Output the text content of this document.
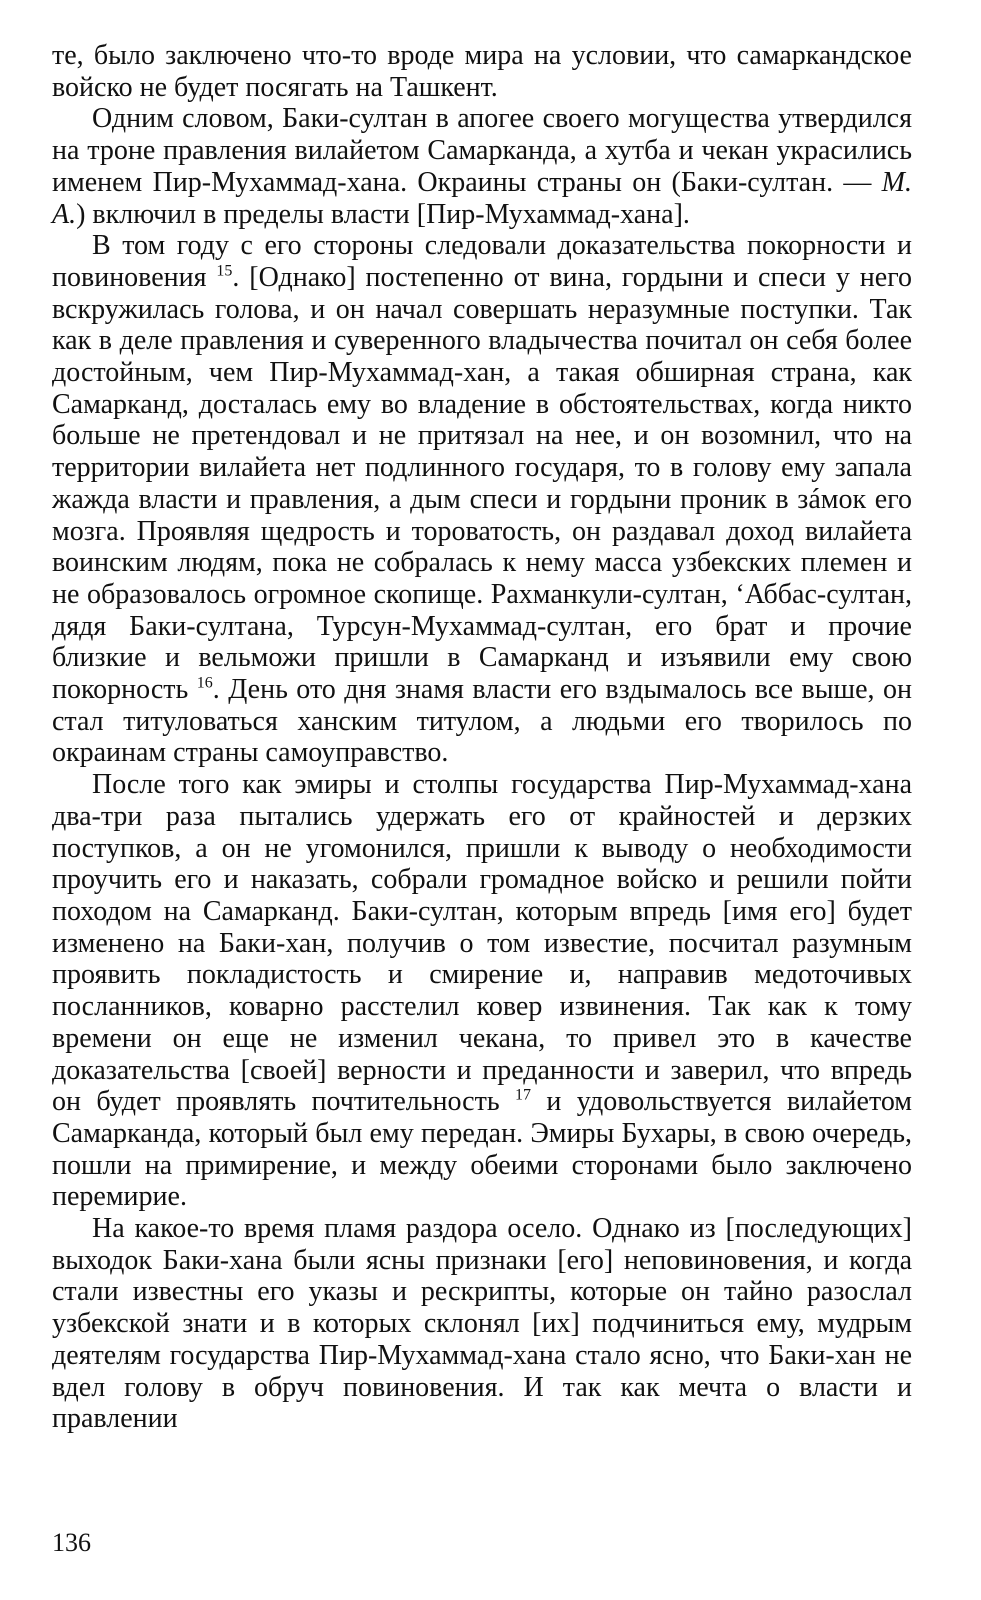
те, было заключено что-то вроде мира на условии, что самаркандское войско не будет посягать на Ташкент.

Одним словом, Баки-султан в апогее своего могущества утвердился на троне правления вилайетом Самарканда, а хутба и чекан украсились именем Пир-Мухаммад-хана. Окраины страны он (Баки-султан. — М. А.) включил в пределы власти [Пир-Мухаммад-хана].

В том году с его стороны следовали доказательства покорности и повиновения $^{15}$. [Однако] постепенно от вина, гордыни и спеси у него вскружилась голова, и он начал совершать неразумные поступки. Так как в деле правления и суверенного владычества почитал он себя более достойным, чем Пир-Мухаммад-хан, а такая обширная страна, как Самарканд, досталась ему во владение в обстоятельствах, когда никто больше не претендовал и не притязал на нее, и он возомнил, что на территории вилайета нет подлинного государя, то в голову ему запала жажда власти и правления, а дым спеси и гордыни проник в зáмок его мозга. Проявляя щедрость и тороватость, он раздавал доход вилайета воинским людям, пока не собралась к нему масса узбекских племен и не образовалось огромное скопище. Рахманкули-султан, ‘Аббас-султан, дядя Баки-султана, Турсун-Мухаммад-султан, его брат и прочие близкие и вельможи пришли в Самарканд и изъявили ему свою покорность $^{16}$. День ото дня знамя власти его вздымалось все выше, он стал титуловаться ханским титулом, а людьми его творилось по окраинам страны самоуправство.

После того как эмиры и столпы государства Пир-Мухаммад-хана два-три раза пытались удержать его от крайностей и дерзких поступков, а он не угомонился, пришли к выводу о необходимости проучить его и наказать, собрали громадное войско и решили пойти походом на Самарканд. Баки-султан, которым впредь [имя его] будет изменено на Баки-хан, получив о том известие, посчитал разумным проявить покладистость и смирение и, направив медоточивых посланников, коварно расстелил ковер извинения. Так как к тому времени он еще не изменил чекана, то привел это в качестве доказательства [своей] верности и преданности и заверил, что впредь он будет проявлять почтительность $^{17}$ и удовольствуется вилайетом Самарканда, который был ему передан. Эмиры Бухары, в свою очередь, пошли на примирение, и между обеими сторонами было заключено перемирие.

На какое-то время пламя раздора осело. Однако из [последующих] выходок Баки-хана были ясны признаки [его] неповиновения, и когда стали известны его указы и рескрипты, которые он тайно разослал узбекской знати и в которых склонял [их] подчиниться ему, мудрым деятелям государства Пир-Мухаммад-хана стало ясно, что Баки-хан не вдел голову в обруч повиновения. И так как мечта о власти и правлении

136
